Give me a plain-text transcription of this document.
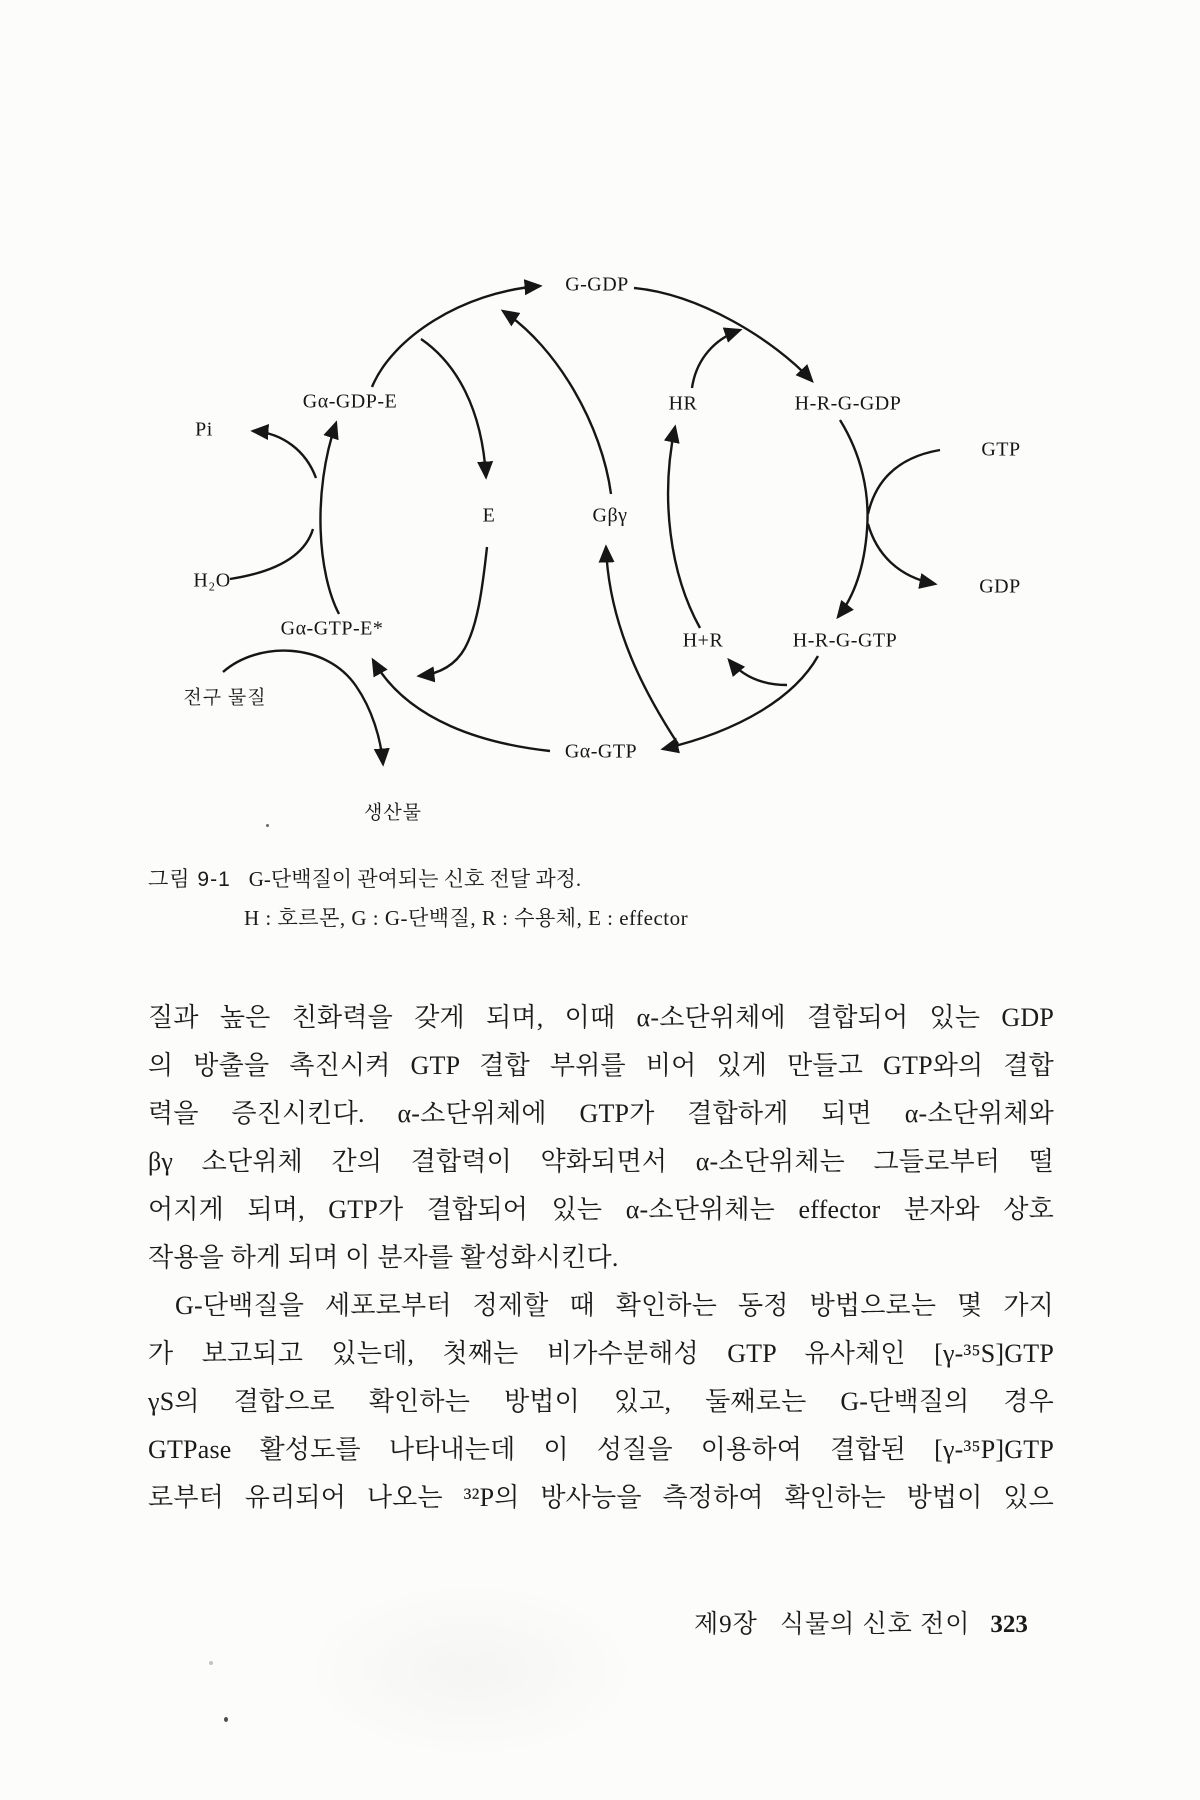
G-GDP
Gα-GDP-E	HR	H-R-G-GDP
Pi
GTP
E	Gβγ
H₂O	GDP
Gα-GTP-E*
H+R	H-R-G-GTP
전구 물질
Gα-GTP
생산물
그림 9-1 G-단백질이 관여되는 신호 전달 과정.
H : 호르몬, G : G-단백질, R : 수용체, E : effector
질과 높은 친화력을 갖게 되며, 이때 α-소단위체에 결합되어 있는 GDP
의 방출을 촉진시켜 GTP 결합 부위를 비어 있게 만들고 GTP와의 결합
력을 증진시킨다. α-소단위체에 GTP가 결합하게 되면 α-소단위체와
βγ 소단위체 간의 결합력이 약화되면서 α-소단위체는 그들로부터 떨
어지게 되며, GTP가 결합되어 있는 α-소단위체는 effector 분자와 상호
작용을 하게 되며 이 분자를 활성화시킨다.
G-단백질을 세포로부터 정제할 때 확인하는 동정 방법으로는 몇 가지
가 보고되고 있는데, 첫째는 비가수분해성 GTP 유사체인 [γ-³⁵S]GTP
γS의 결합으로 확인하는 방법이 있고, 둘째로는 G-단백질의 경우
GTPase 활성도를 나타내는데 이 성질을 이용하여 결합된 [γ-³⁵P]GTP
로부터 유리되어 나오는 ³²P의 방사능을 측정하여 확인하는 방법이 있으
제9장 식물의 신호 전이 323
